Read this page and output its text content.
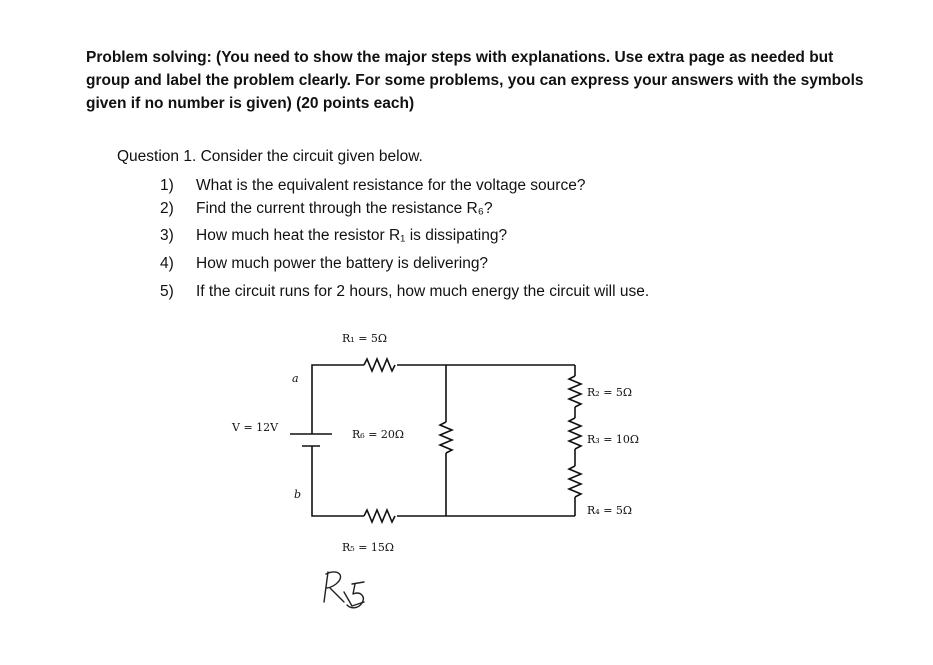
Problem solving: (You need to show the major steps with explanations. Use extra page as needed but group and label the problem clearly. For some problems, you can express your answers with the symbols given if no number is given) (20 points each)
Question 1. Consider the circuit given below.
1) What is the equivalent resistance for the voltage source?
2) Find the current through the resistance R₆?
3) How much heat the resistor R₁ is dissipating?
4) How much power the battery is delivering?
5) If the circuit runs for 2 hours, how much energy the circuit will use.
R₁ = 5Ω
R₂ = 5Ω
R₃ = 10Ω
R₄ = 5Ω
R₅ = 15Ω
R₆ = 20Ω
V = 12V
a
b
